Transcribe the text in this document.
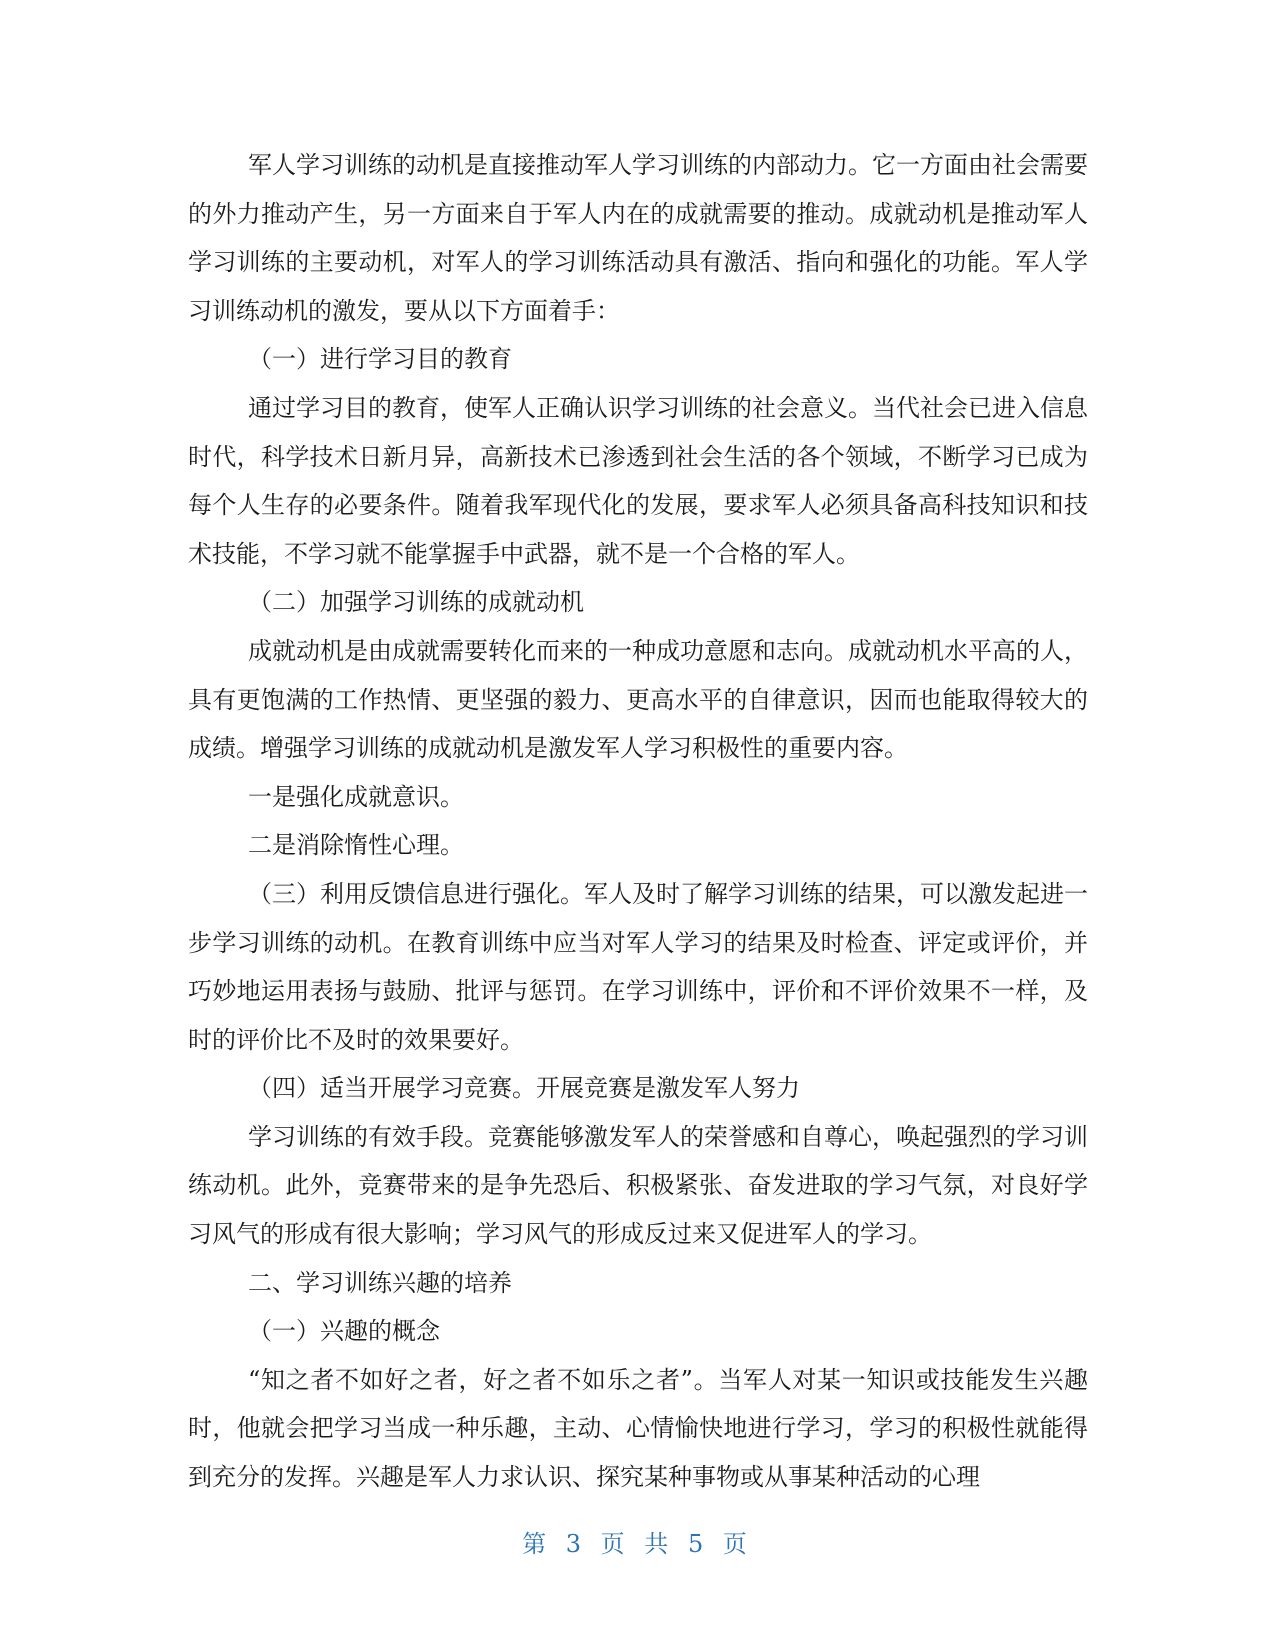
军人学习训练的动机是直接推动军人学习训练的内部动力。它一方面由社会需要的外力推动产生，另一方面来自于军人内在的成就需要的推动。成就动机是推动军人学习训练的主要动机，对军人的学习训练活动具有激活、指向和强化的功能。军人学习训练动机的激发，要从以下方面着手：

（一）进行学习目的教育

通过学习目的教育，使军人正确认识学习训练的社会意义。当代社会已进入信息时代，科学技术日新月异，高新技术已渗透到社会生活的各个领域，不断学习已成为每个人生存的必要条件。随着我军现代化的发展，要求军人必须具备高科技知识和技术技能，不学习就不能掌握手中武器，就不是一个合格的军人。

（二）加强学习训练的成就动机

成就动机是由成就需要转化而来的一种成功意愿和志向。成就动机水平高的人，具有更饱满的工作热情、更坚强的毅力、更高水平的自律意识，因而也能取得较大的成绩。增强学习训练的成就动机是激发军人学习积极性的重要内容。

一是强化成就意识。

二是消除惰性心理。

（三）利用反馈信息进行强化。军人及时了解学习训练的结果，可以激发起进一步学习训练的动机。在教育训练中应当对军人学习的结果及时检查、评定或评价，并巧妙地运用表扬与鼓励、批评与惩罚。在学习训练中，评价和不评价效果不一样，及时的评价比不及时的效果要好。

（四）适当开展学习竞赛。开展竞赛是激发军人努力

学习训练的有效手段。竞赛能够激发军人的荣誉感和自尊心，唤起强烈的学习训练动机。此外，竞赛带来的是争先恐后、积极紧张、奋发进取的学习气氛，对良好学习风气的形成有很大影响；学习风气的形成反过来又促进军人的学习。

二、学习训练兴趣的培养

（一）兴趣的概念

“知之者不如好之者，好之者不如乐之者”。当军人对某一知识或技能发生兴趣时，他就会把学习当成一种乐趣，主动、心情愉快地进行学习，学习的积极性就能得到充分的发挥。兴趣是军人力求认识、探究某种事物或从事某种活动的心理

第 3 页 共 5 页
